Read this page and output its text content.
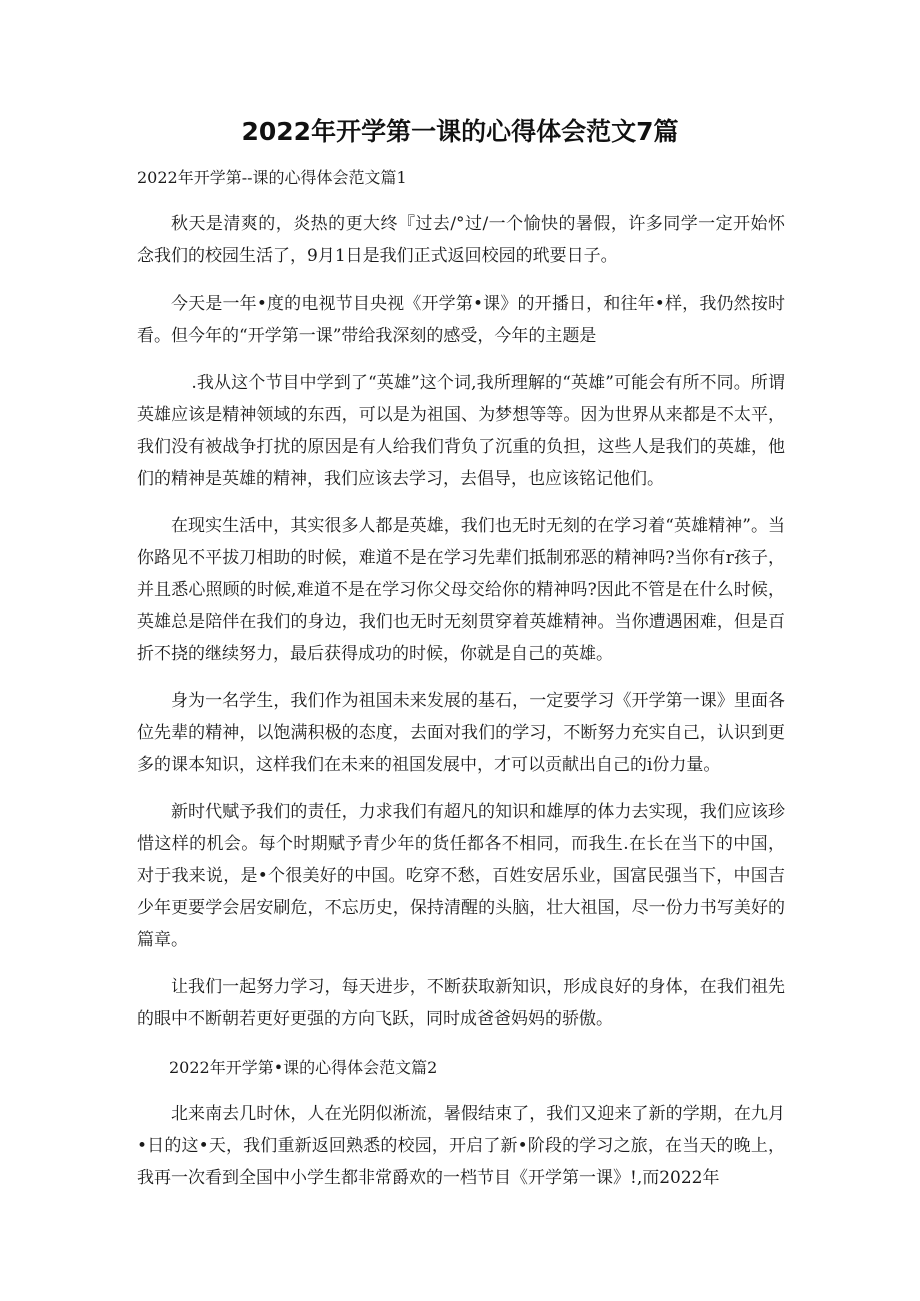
2022年开学第一课的心得体会范文7篇

2022年开学第--课的心得体会范文篇1

秋天是清爽的，炎热的更大终『过去/°过/一个愉快的暑假，许多同学一定开始怀念我们的校园生活了，9月1日是我们正式返回校园的玳要日子。

今天是一年•度的电视节目央视《开学第•课》的开播日，和往年•样，我仍然按时看。但今年的“开学第一课”带给我深刻的感受，今年的主题是

.我从这个节目中学到了“英雄”这个词,我所理解的“英雄”可能会有所不同。所谓英雄应该是精神领域的东西，可以是为祖国、为梦想等等。因为世界从来都是不太平，我们没有被战争打扰的原因是有人给我们背负了沉重的负担，这些人是我们的英雄，他们的精神是英雄的精神，我们应该去学习，去倡导，也应该铭记他们。

在现实生活中，其实很多人都是英雄，我们也无时无刻的在学习着“英雄精神”。当你路见不平拔刀相助的时候，难道不是在学习先辈们抵制邪恶的精神吗?当你有r孩子，并且悉心照顾的时候,难道不是在学习你父母交给你的精神吗?因此不管是在什么时候，英雄总是陪伴在我们的身边，我们也无时无刻贯穿着英雄精神。当你遭遇困难，但是百折不挠的继续努力，最后获得成功的时候，你就是自己的英雄。

身为一名学生，我们作为祖国未来发展的基石，一定要学习《开学第一课》里面各位先辈的精神，以饱满积极的态度，去面对我们的学习，不断努力充实自己，认识到更多的课本知识，这样我们在未来的祖国发展中，才可以贡献出自己的i份力量。

新时代赋予我们的责任，力求我们有超凡的知识和雄厚的体力去实现，我们应该珍惜这样的机会。每个时期赋予青少年的货任都各不相同，而我生.在长在当下的中国，对于我来说，是•个很美好的中国。吃穿不愁，百姓安居乐业，国富民强当下，中国吉少年更要学会居安刷危，不忘历史，保持清醒的头脑，壮大祖国，尽一份力书写美好的篇章。

让我们一起努力学习，每天进步，不断获取新知识，形成良好的身体，在我们祖先的眼中不断朝若更好更强的方向飞跃，同时成爸爸妈妈的骄傲。

2022年开学第•课的心得体会范文篇2

北来南去几时休，人在光阴似淅流，暑假结束了，我们又迎来了新的学期，在九月•日的这•天，我们重新返回熟悉的校园，开启了新•阶段的学习之旅，在当天的晚上，我再一次看到全国中小学生都非常爵欢的一档节目《开学第一课》!,而2022年
